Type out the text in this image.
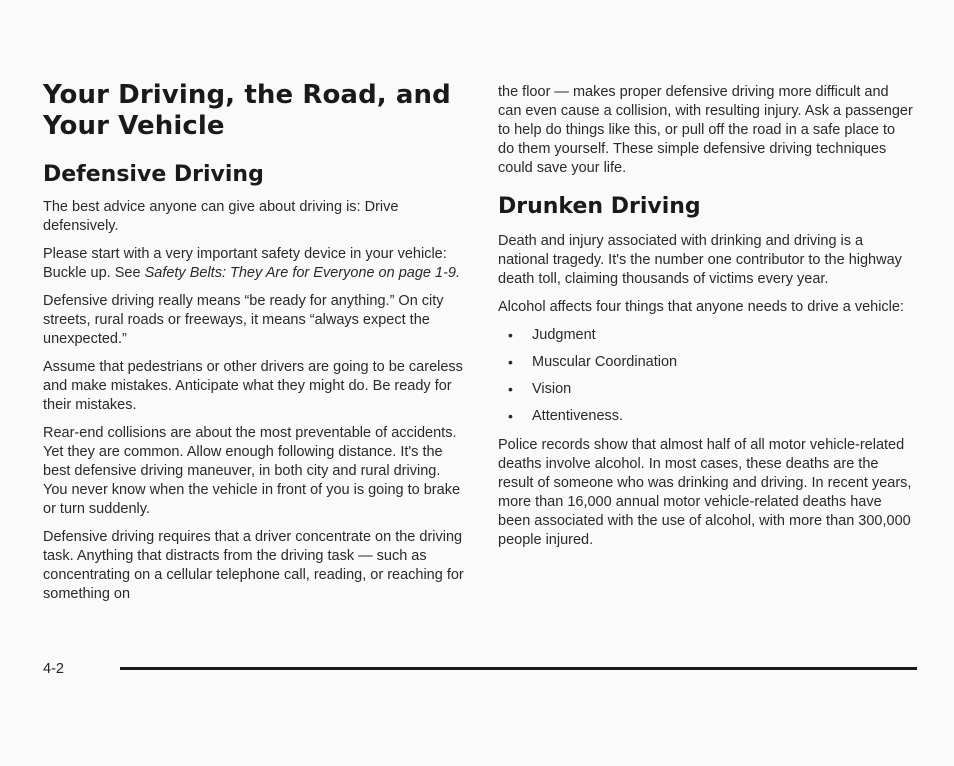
Your Driving, the Road, and Your Vehicle
Defensive Driving

The best advice anyone can give about driving is: Drive defensively.

Please start with a very important safety device in your vehicle: Buckle up. See Safety Belts: They Are for Everyone on page 1-9.

Defensive driving really means “be ready for anything.” On city streets, rural roads or freeways, it means “always expect the unexpected.”

Assume that pedestrians or other drivers are going to be careless and make mistakes. Anticipate what they might do. Be ready for their mistakes.

Rear-end collisions are about the most preventable of accidents. Yet they are common. Allow enough following distance. It's the best defensive driving maneuver, in both city and rural driving. You never know when the vehicle in front of you is going to brake or turn suddenly.

Defensive driving requires that a driver concentrate on the driving task. Anything that distracts from the driving task — such as concentrating on a cellular telephone call, reading, or reaching for something on

the floor — makes proper defensive driving more difficult and can even cause a collision, with resulting injury. Ask a passenger to help do things like this, or pull off the road in a safe place to do them yourself. These simple defensive driving techniques could save your life.

Drunken Driving

Death and injury associated with drinking and driving is a national tragedy. It's the number one contributor to the highway death toll, claiming thousands of victims every year.

Alcohol affects four things that anyone needs to drive a vehicle:

• Judgment
• Muscular Coordination
• Vision
• Attentiveness.

Police records show that almost half of all motor vehicle-related deaths involve alcohol. In most cases, these deaths are the result of someone who was drinking and driving. In recent years, more than 16,000 annual motor vehicle-related deaths have been associated with the use of alcohol, with more than 300,000 people injured.

4-2
